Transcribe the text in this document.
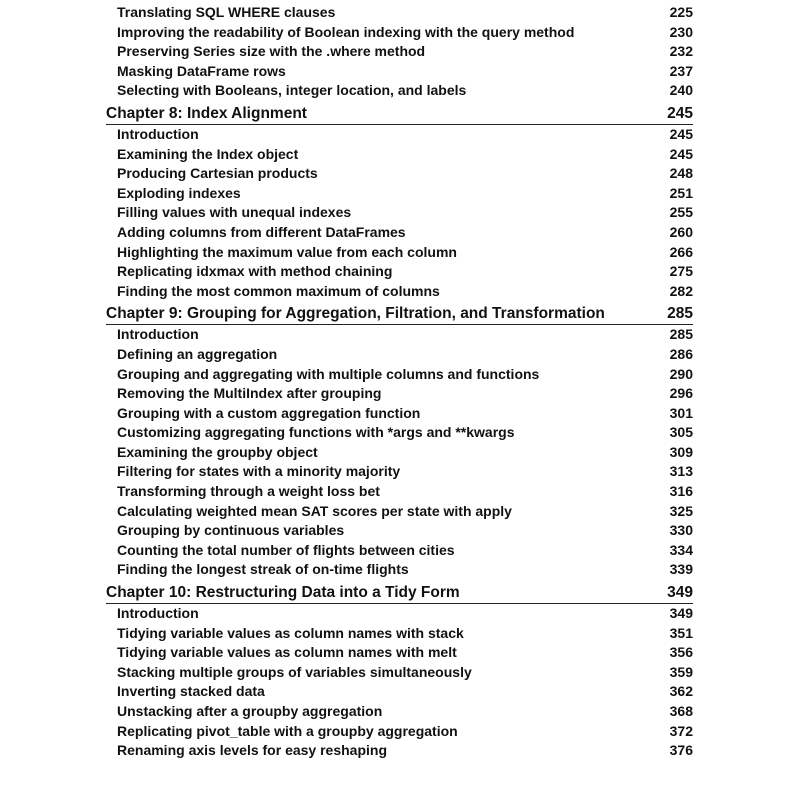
Translating SQL WHERE clauses	225
Improving the readability of Boolean indexing with the query method	230
Preserving Series size with the .where method	232
Masking DataFrame rows	237
Selecting with Booleans, integer location, and labels	240
Chapter 8: Index Alignment	245
Introduction	245
Examining the Index object	245
Producing Cartesian products	248
Exploding indexes	251
Filling values with unequal indexes	255
Adding columns from different DataFrames	260
Highlighting the maximum value from each column	266
Replicating idxmax with method chaining	275
Finding the most common maximum of columns	282
Chapter 9: Grouping for Aggregation, Filtration, and Transformation	285
Introduction	285
Defining an aggregation	286
Grouping and aggregating with multiple columns and functions	290
Removing the MultiIndex after grouping	296
Grouping with a custom aggregation function	301
Customizing aggregating functions with *args and **kwargs	305
Examining the groupby object	309
Filtering for states with a minority majority	313
Transforming through a weight loss bet	316
Calculating weighted mean SAT scores per state with apply	325
Grouping by continuous variables	330
Counting the total number of flights between cities	334
Finding the longest streak of on-time flights	339
Chapter 10: Restructuring Data into a Tidy Form	349
Introduction	349
Tidying variable values as column names with stack	351
Tidying variable values as column names with melt	356
Stacking multiple groups of variables simultaneously	359
Inverting stacked data	362
Unstacking after a groupby aggregation	368
Replicating pivot_table with a groupby aggregation	372
Renaming axis levels for easy reshaping	376
